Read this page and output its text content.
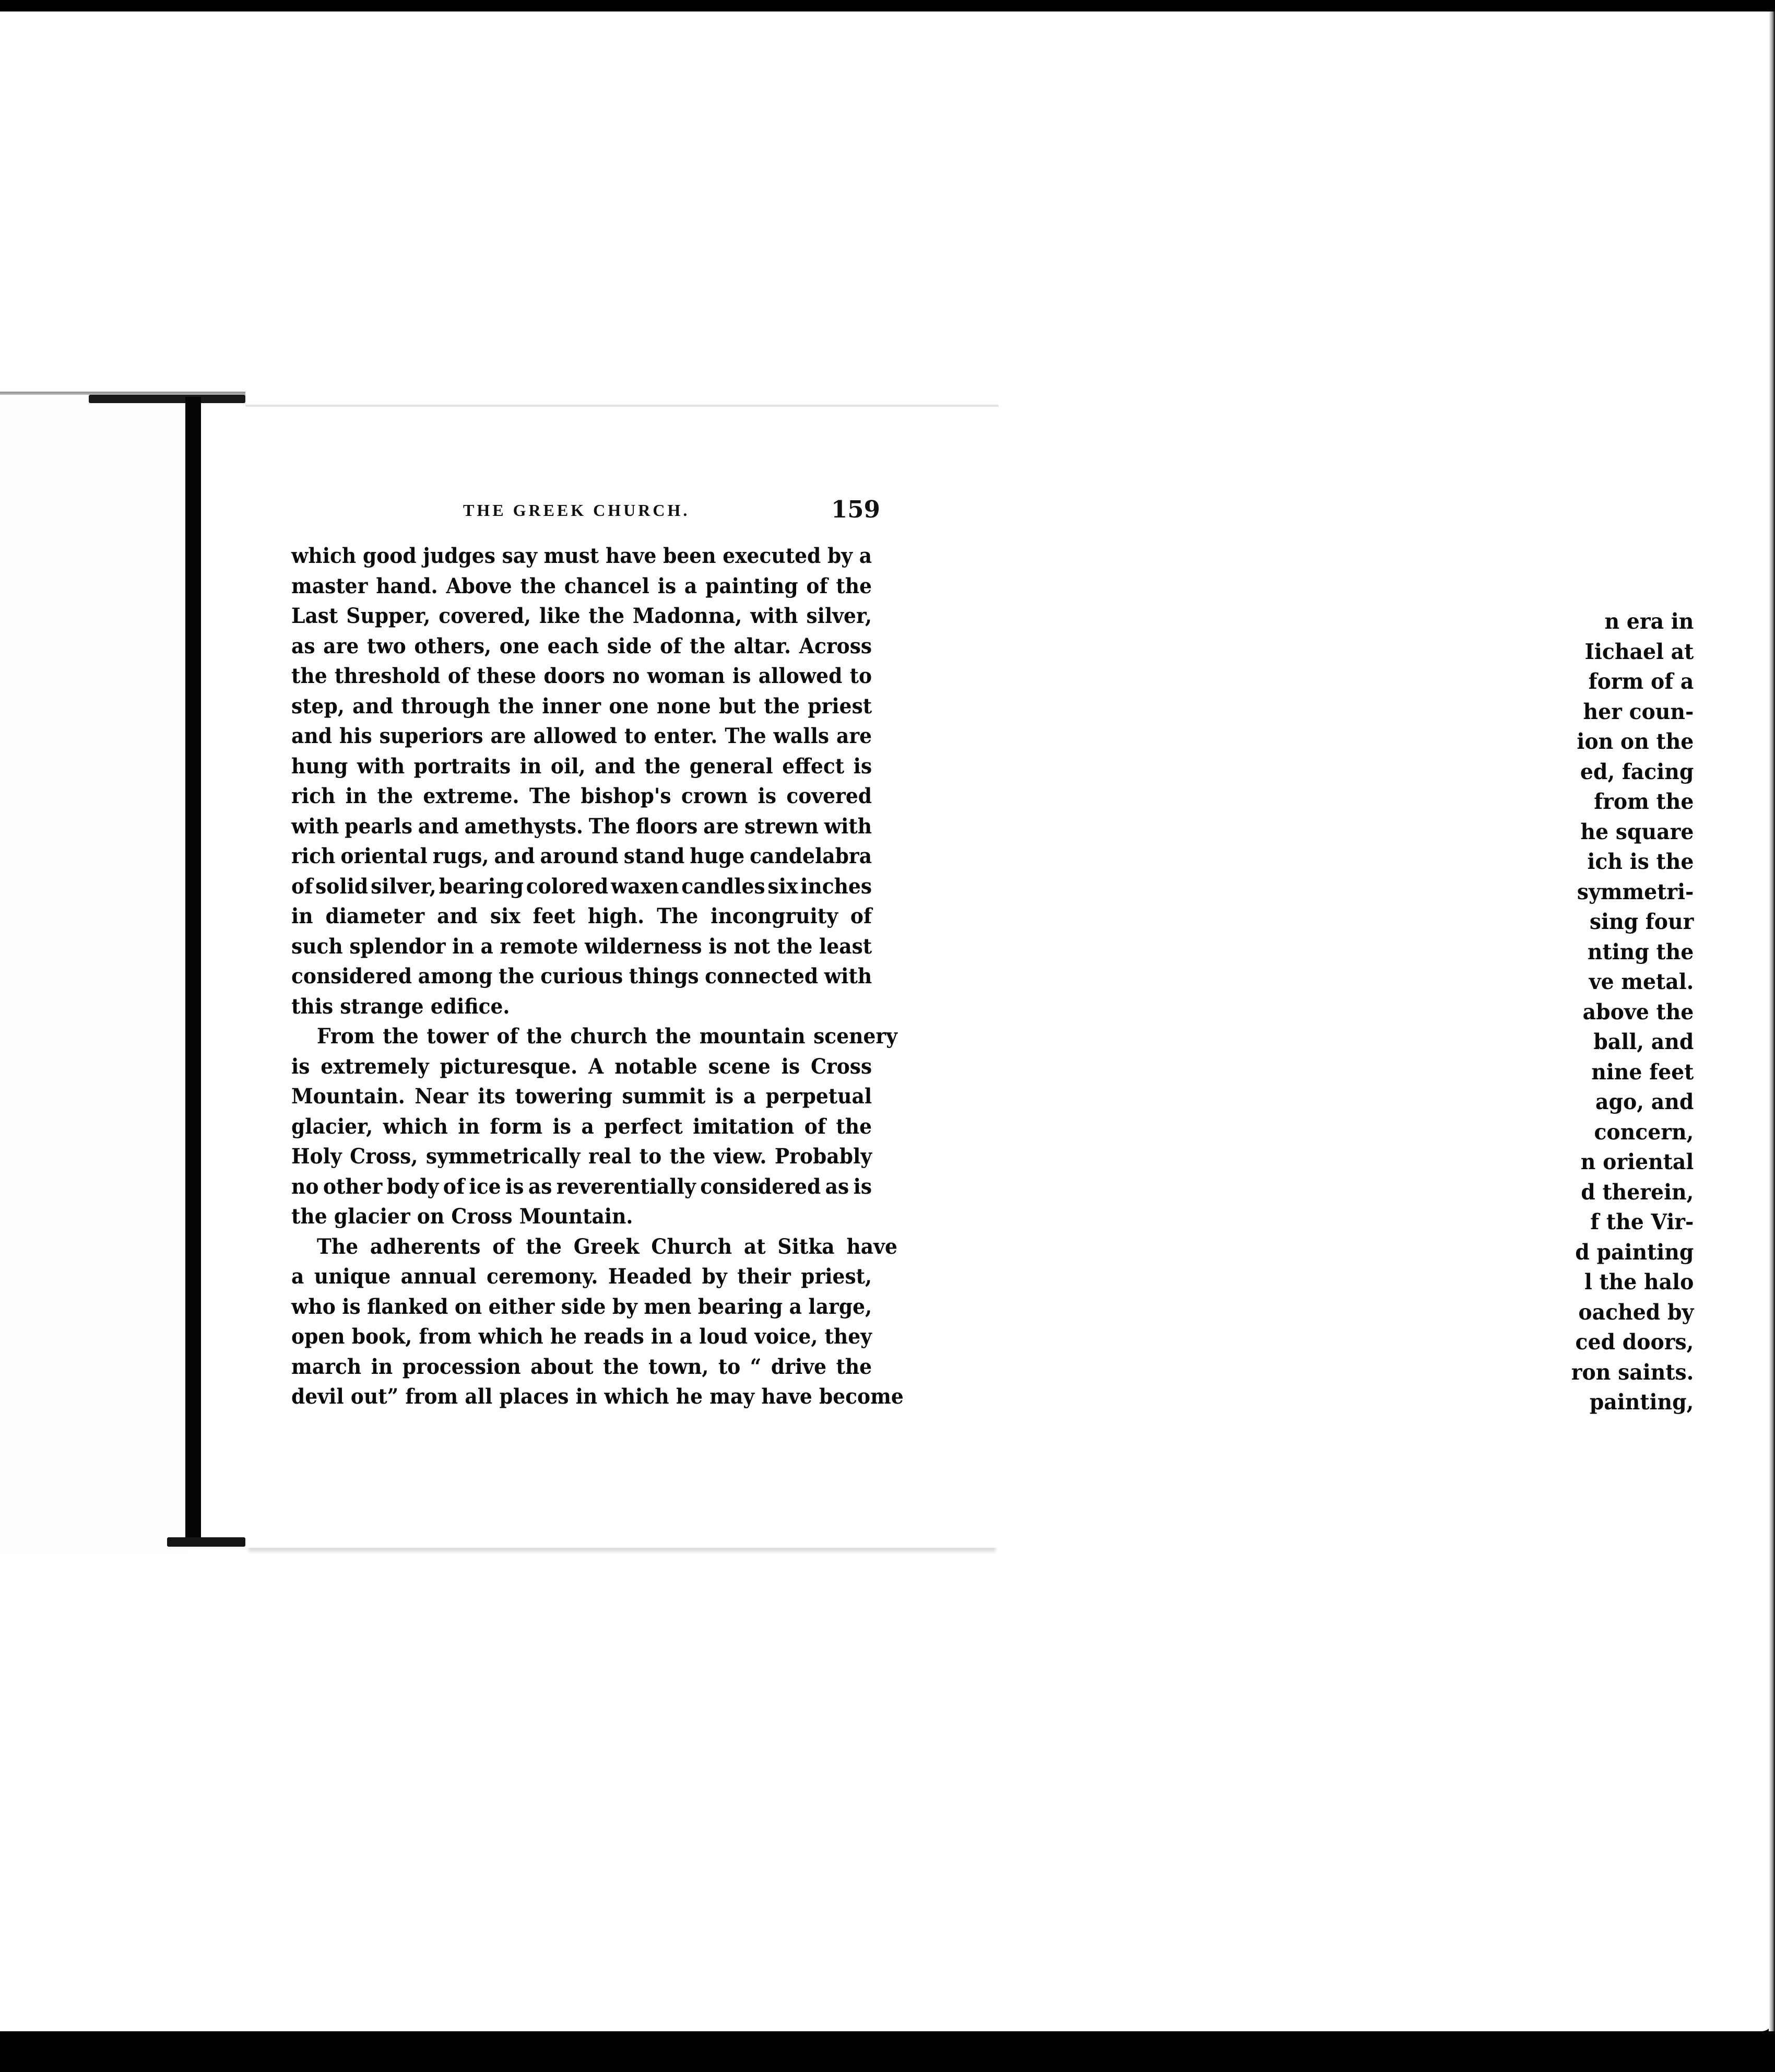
n era in
Iichael at
form of a
her coun-
ion on the
ed, facing
from the
he square
ich is the
symmetri-
sing four
nting the
ve metal.
above the
ball, and
nine feet
ago, and
concern,
n oriental
d therein,
f the Vir-
d painting
l the halo
oached by
ced doors,
ron saints.
painting,
THE GREEK CHURCH.	159
which good judges say must have been executed by a
master hand. Above the chancel is a painting of the
Last Supper, covered, like the Madonna, with silver,
as are two others, one each side of the altar. Across
the threshold of these doors no woman is allowed to
step, and through the inner one none but the priest
and his superiors are allowed to enter. The walls are
hung with portraits in oil, and the general effect is
rich in the extreme. The bishop's crown is covered
with pearls and amethysts. The floors are strewn with
rich oriental rugs, and around stand huge candelabra
of solid silver, bearing colored waxen candles six inches
in diameter and six feet high. The incongruity of
such splendor in a remote wilderness is not the least
considered among the curious things connected with
this strange edifice.
From the tower of the church the mountain scenery
is extremely picturesque. A notable scene is Cross
Mountain. Near its towering summit is a perpetual
glacier, which in form is a perfect imitation of the
Holy Cross, symmetrically real to the view. Probably
no other body of ice is as reverentially considered as is
the glacier on Cross Mountain.
The adherents of the Greek Church at Sitka have
a unique annual ceremony. Headed by their priest,
who is flanked on either side by men bearing a large,
open book, from which he reads in a loud voice, they
march in procession about the town, to “ drive the
devil out” from all places in which he may have become
